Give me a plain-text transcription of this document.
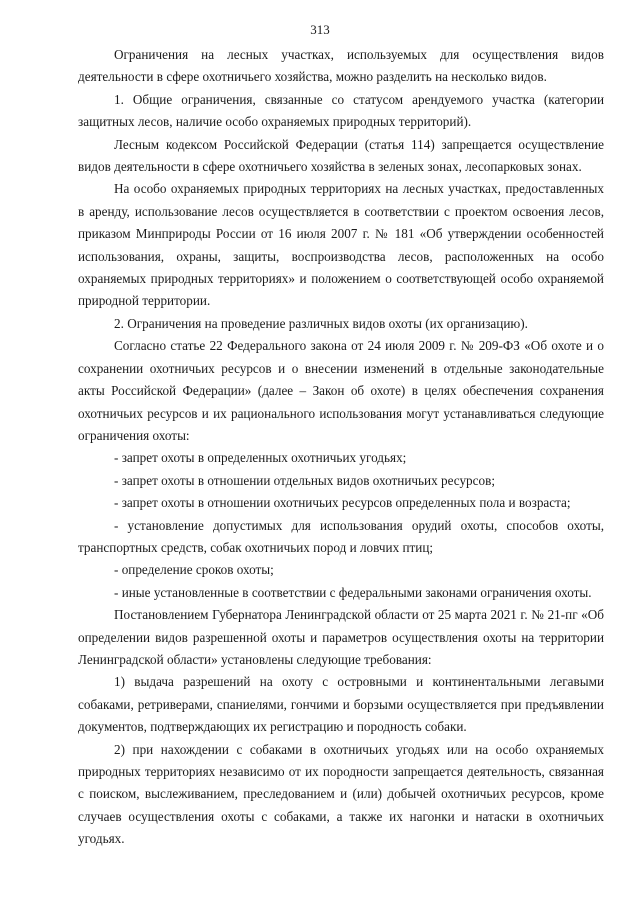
313

Ограничения на лесных участках, используемых для осуществления видов деятельности в сфере охотничьего хозяйства, можно разделить на несколько видов.

1. Общие ограничения, связанные со статусом арендуемого участка (категории защитных лесов, наличие особо охраняемых природных территорий).

Лесным кодексом Российской Федерации (статья 114) запрещается осуществление видов деятельности в сфере охотничьего хозяйства в зеленых зонах, лесопарковых зонах.

На особо охраняемых природных территориях на лесных участках, предоставленных в аренду, использование лесов осуществляется в соответствии с проектом освоения лесов, приказом Минприроды России от 16 июля 2007 г. № 181 «Об утверждении особенностей использования, охраны, защиты, воспроизводства лесов, расположенных на особо охраняемых природных территориях» и положением о соответствующей особо охраняемой природной территории.

2. Ограничения на проведение различных видов охоты (их организацию).

Согласно статье 22 Федерального закона от 24 июля 2009 г. № 209-ФЗ «Об охоте и о сохранении охотничьих ресурсов и о внесении изменений в отдельные законодательные акты Российской Федерации» (далее – Закон об охоте) в целях обеспечения сохранения охотничьих ресурсов и их рационального использования могут устанавливаться следующие ограничения охоты:

- запрет охоты в определенных охотничьих угодьях;

- запрет охоты в отношении отдельных видов охотничьих ресурсов;

- запрет охоты в отношении охотничьих ресурсов определенных пола и возраста;

- установление допустимых для использования орудий охоты, способов охоты, транспортных средств, собак охотничьих пород и ловчих птиц;

- определение сроков охоты;

- иные установленные в соответствии с федеральными законами ограничения охоты.

Постановлением Губернатора Ленинградской области от 25 марта 2021 г. № 21-пг «Об определении видов разрешенной охоты и параметров осуществления охоты на территории Ленинградской области» установлены следующие требования:

1) выдача разрешений на охоту с островными и континентальными легавыми собаками, ретриверами, спаниелями, гончими и борзыми осуществляется при предъявлении документов, подтверждающих их регистрацию и породность собаки.

2) при нахождении с собаками в охотничьих угодьях или на особо охраняемых природных территориях независимо от их породности запрещается деятельность, связанная с поиском, выслеживанием, преследованием и (или) добычей охотничьих ресурсов, кроме случаев осуществления охоты с собаками, а также их нагонки и натаски в охотничьих угодьях.
